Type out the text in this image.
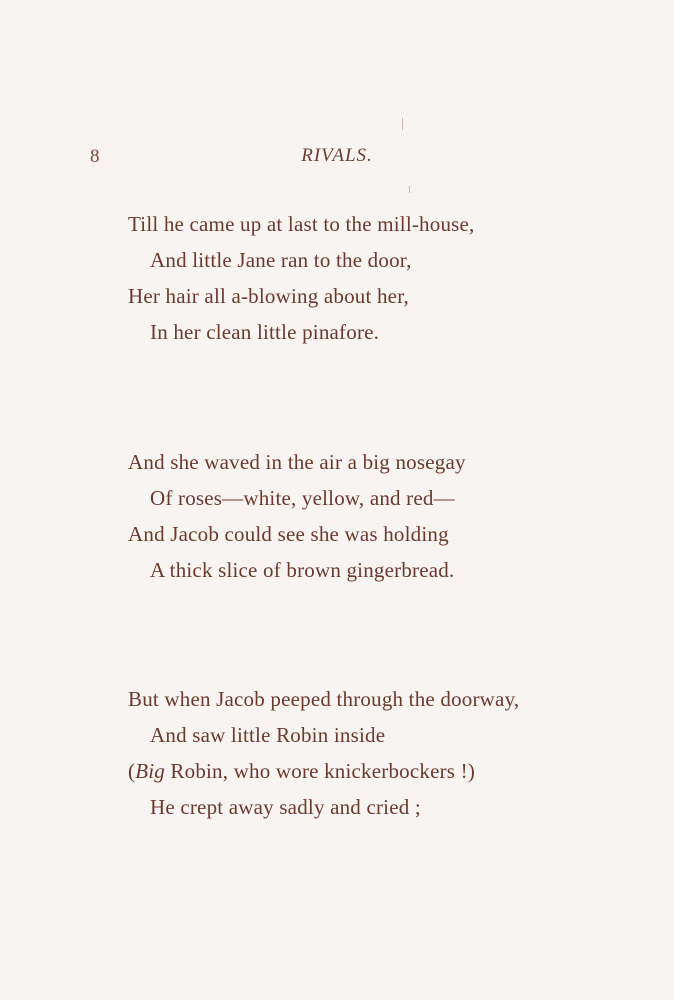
8	RIVALS.
Till he came up at last to the mill-house,
And little Jane ran to the door,
Her hair all a-blowing about her,
In her clean little pinafore.
And she waved in the air a big nosegay
Of roses—white, yellow, and red—
And Jacob could see she was holding
A thick slice of brown gingerbread.
But when Jacob peeped through the doorway,
And saw little Robin inside
(Big Robin, who wore knickerbockers !)
He crept away sadly and cried ;
